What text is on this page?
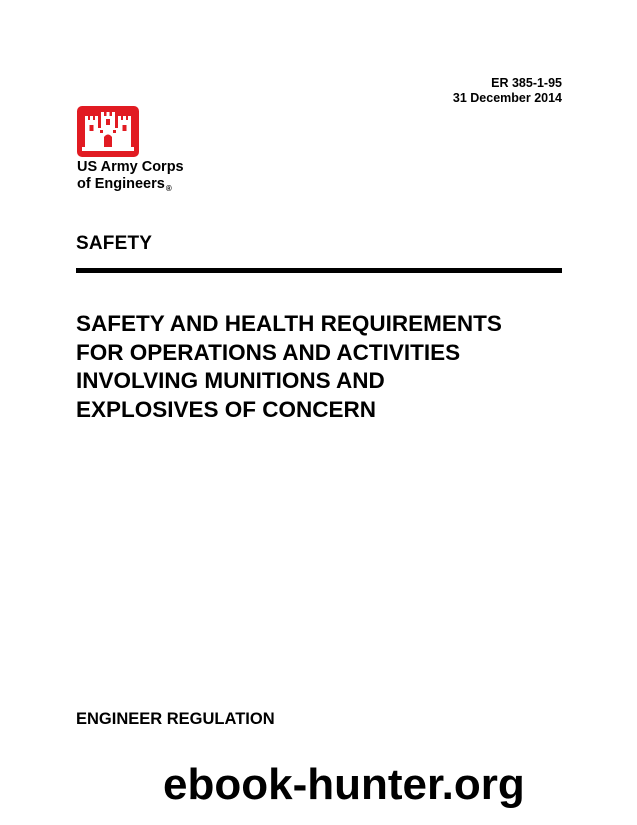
ER 385-1-95
31 December 2014
US Army Corps
of Engineers$_®$
SAFETY
SAFETY AND HEALTH REQUIREMENTS
FOR OPERATIONS AND ACTIVITIES
INVOLVING MUNITIONS AND
EXPLOSIVES OF CONCERN
ENGINEER REGULATION
ebook-hunter.org
